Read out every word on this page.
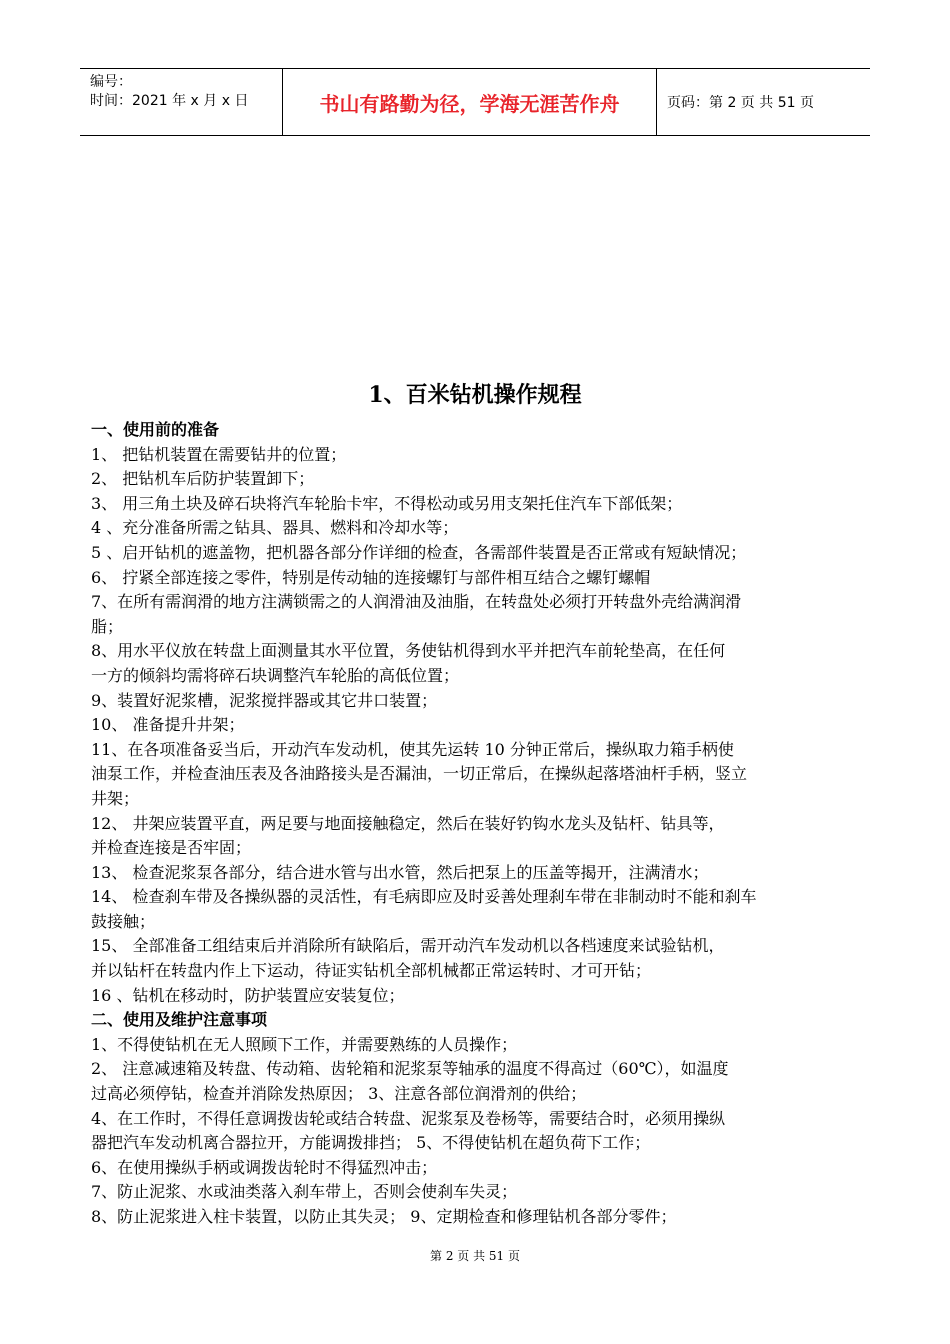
编号：
时间：2021 年 x 月 x 日	书山有路勤为径，学海无涯苦作舟	页码：第 2 页 共 51 页
1、百米钻机操作规程
一、使用前的准备
1、 把钻机装置在需要钻井的位置；
2、 把钻机车后防护装置卸下；
3、 用三角土块及碎石块将汽车轮胎卡牢，不得松动或另用支架托住汽车下部低架；
4 、充分准备所需之钻具、器具、燃料和冷却水等；
5 、启开钻机的遮盖物，把机器各部分作详细的检查，各需部件装置是否正常或有短缺情况；
6、 拧紧全部连接之零件，特别是传动轴的连接螺钉与部件相互结合之螺钉螺帽
7、在所有需润滑的地方注满锁需之的人润滑油及油脂，在转盘处必须打开转盘外壳给满润滑
脂；
8、用水平仪放在转盘上面测量其水平位置，务使钻机得到水平并把汽车前轮垫高，在任何
一方的倾斜均需将碎石块调整汽车轮胎的高低位置；
9、装置好泥浆槽，泥浆搅拌器或其它井口装置；
10、 准备提升井架；
11、在各项准备妥当后，开动汽车发动机，使其先运转 10 分钟正常后，操纵取力箱手柄使
油泵工作，并检查油压表及各油路接头是否漏油，一切正常后，在操纵起落塔油杆手柄，竖立
井架；
12、 井架应装置平直，两足要与地面接触稳定，然后在装好钓钩水龙头及钻杆、钻具等，
并检查连接是否牢固；
13、 检查泥浆泵各部分，结合进水管与出水管，然后把泵上的压盖等揭开，注满清水；
14、 检查刹车带及各操纵器的灵活性，有毛病即应及时妥善处理刹车带在非制动时不能和刹车
鼓接触；
15、 全部准备工组结束后并消除所有缺陷后，需开动汽车发动机以各档速度来试验钻机，
并以钻杆在转盘内作上下运动，待证实钻机全部机械都正常运转时、才可开钻；
16 、钻机在移动时，防护装置应安装复位；
二、使用及维护注意事项
1、不得使钻机在无人照顾下工作，并需要熟练的人员操作；
2、 注意减速箱及转盘、传动箱、齿轮箱和泥浆泵等轴承的温度不得高过（60℃），如温度
过高必须停钻，检查并消除发热原因； 3、注意各部位润滑剂的供给；
4、在工作时，不得任意调拨齿轮或结合转盘、泥浆泵及卷杨等，需要结合时，必须用操纵
器把汽车发动机离合器拉开，方能调拨排挡； 5、不得使钻机在超负荷下工作；
6、在使用操纵手柄或调拨齿轮时不得猛烈冲击；
7、防止泥浆、水或油类落入刹车带上，否则会使刹车失灵；
8、防止泥浆进入柱卡装置，以防止其失灵； 9、定期检查和修理钻机各部分零件；
第 2 页 共 51 页
